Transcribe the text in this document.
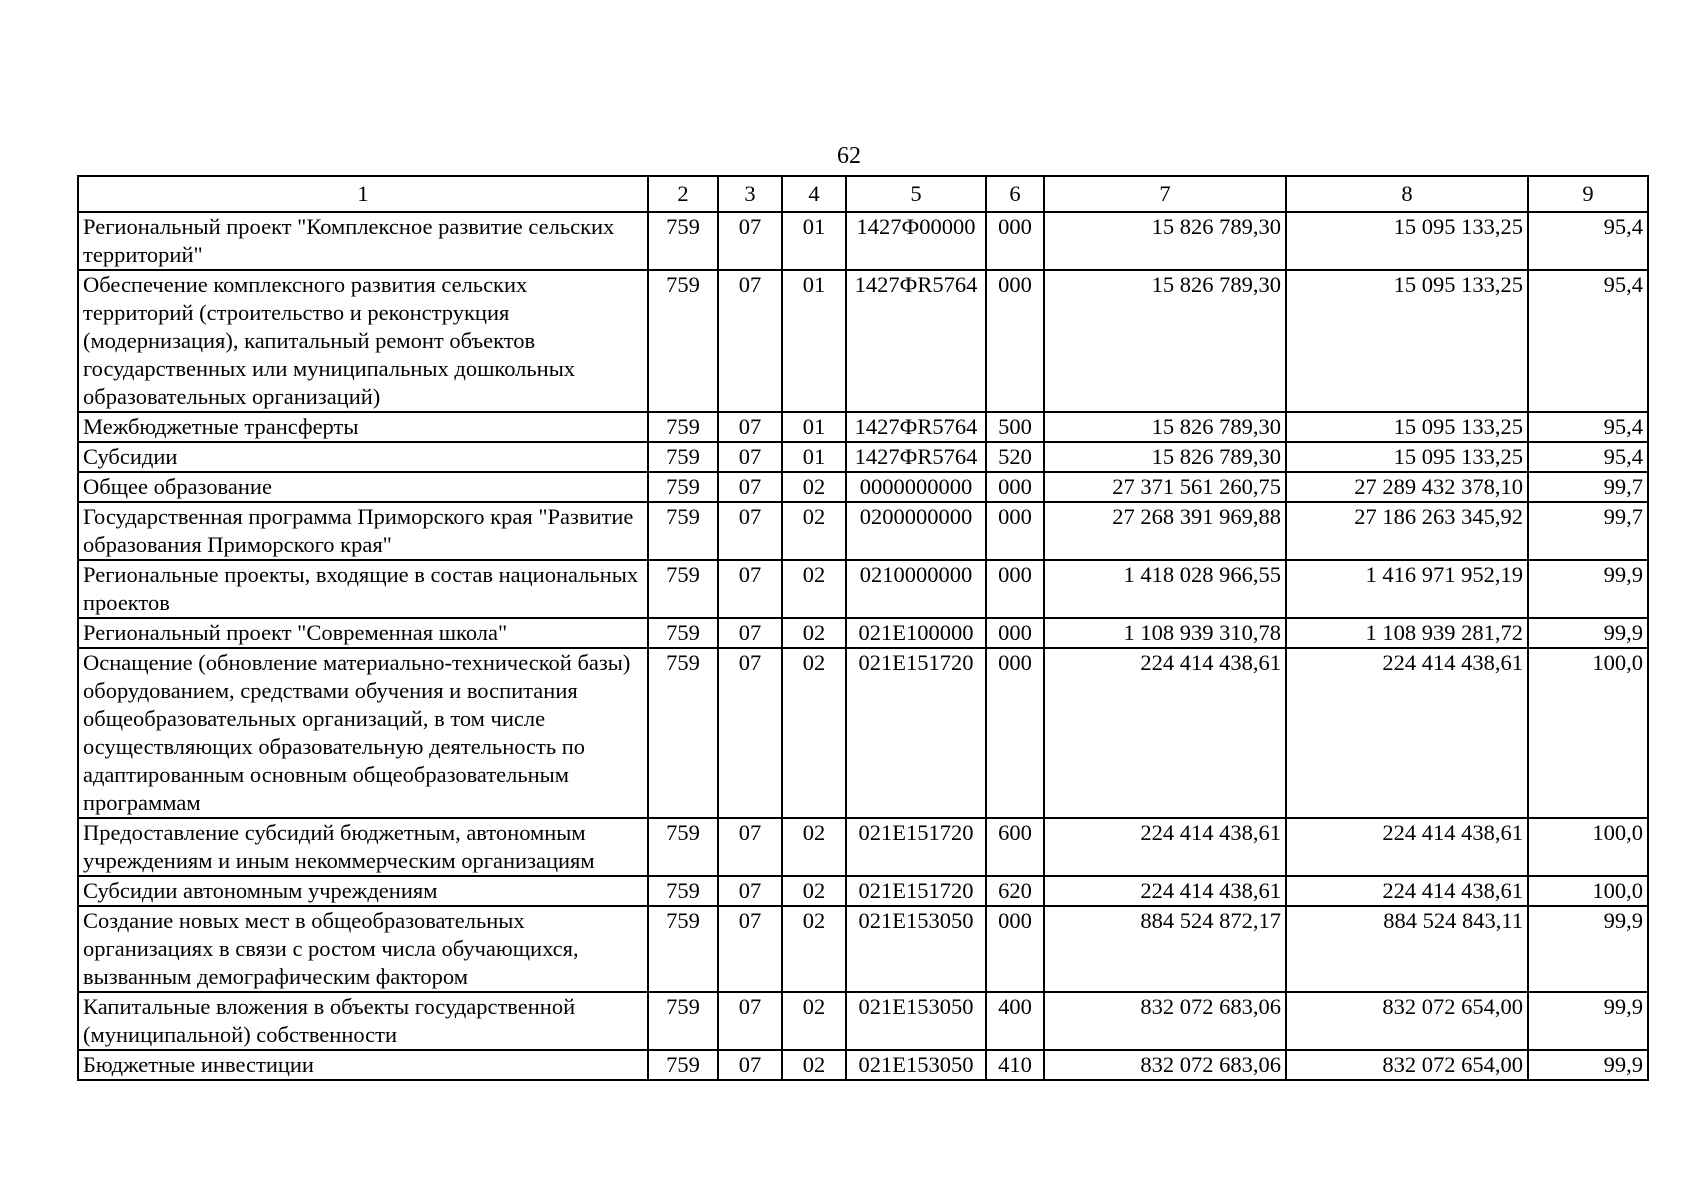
62
1	2	3	4	5	6	7	8	9
Региональный проект "Комплексное развитие сельских территорий"	759	07	01	1427Ф00000	000	15 826 789,30	15 095 133,25	95,4
Обеспечение комплексного развития сельских территорий (строительство и реконструкция (модернизация), капитальный ремонт объектов государственных или муниципальных дошкольных образовательных организаций)	759	07	01	1427ФR5764	000	15 826 789,30	15 095 133,25	95,4
Межбюджетные трансферты	759	07	01	1427ФR5764	500	15 826 789,30	15 095 133,25	95,4
Субсидии	759	07	01	1427ФR5764	520	15 826 789,30	15 095 133,25	95,4
Общее образование	759	07	02	0000000000	000	27 371 561 260,75	27 289 432 378,10	99,7
Государственная программа Приморского края "Развитие образования Приморского края"	759	07	02	0200000000	000	27 268 391 969,88	27 186 263 345,92	99,7
Региональные проекты, входящие в состав национальных проектов	759	07	02	0210000000	000	1 418 028 966,55	1 416 971 952,19	99,9
Региональный проект "Современная школа"	759	07	02	021E100000	000	1 108 939 310,78	1 108 939 281,72	99,9
Оснащение (обновление материально-технической базы) оборудованием, средствами обучения и воспитания общеобразовательных организаций, в том числе осуществляющих образовательную деятельность по адаптированным основным общеобразовательным программам	759	07	02	021E151720	000	224 414 438,61	224 414 438,61	100,0
Предоставление субсидий бюджетным, автономным учреждениям и иным некоммерческим организациям	759	07	02	021E151720	600	224 414 438,61	224 414 438,61	100,0
Субсидии автономным учреждениям	759	07	02	021E151720	620	224 414 438,61	224 414 438,61	100,0
Создание новых мест в общеобразовательных организациях в связи с ростом числа обучающихся, вызванным демографическим фактором	759	07	02	021E153050	000	884 524 872,17	884 524 843,11	99,9
Капитальные вложения в объекты государственной (муниципальной) собственности	759	07	02	021E153050	400	832 072 683,06	832 072 654,00	99,9
Бюджетные инвестиции	759	07	02	021E153050	410	832 072 683,06	832 072 654,00	99,9
